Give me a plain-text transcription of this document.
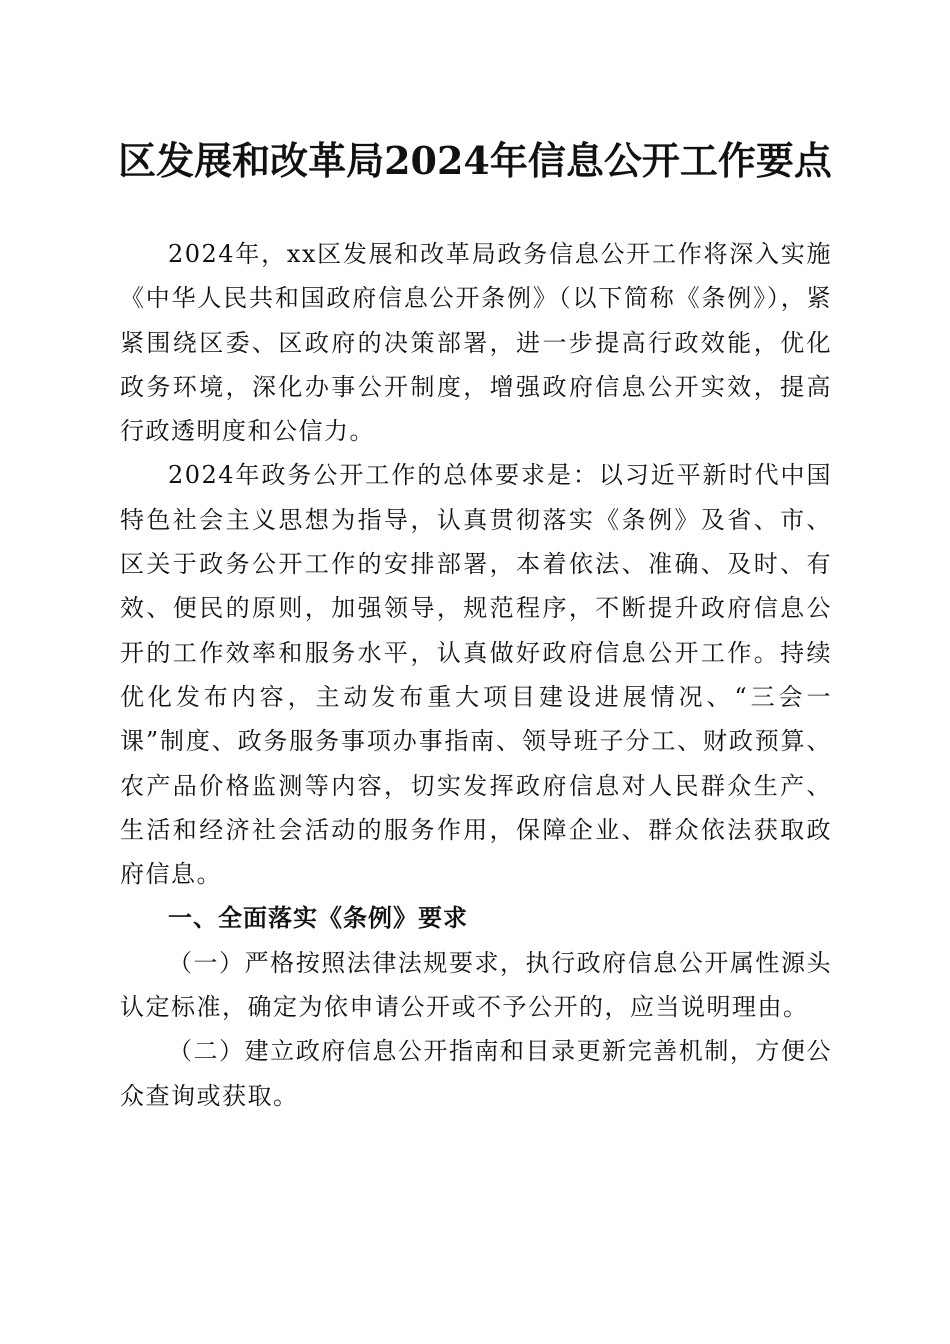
区发展和改革局2024年信息公开工作要点

2024年，xx区发展和改革局政务信息公开工作将深入实施《中华人民共和国政府信息公开条例》（以下简称《条例》），紧紧围绕区委、区政府的决策部署，进一步提高行政效能，优化政务环境，深化办事公开制度，增强政府信息公开实效，提高行政透明度和公信力。

2024年政务公开工作的总体要求是：以习近平新时代中国特色社会主义思想为指导，认真贯彻落实《条例》及省、市、区关于政务公开工作的安排部署，本着依法、准确、及时、有效、便民的原则，加强领导，规范程序，不断提升政府信息公开的工作效率和服务水平，认真做好政府信息公开工作。持续优化发布内容，主动发布重大项目建设进展情况、“三会一课”制度、政务服务事项办事指南、领导班子分工、财政预算、农产品价格监测等内容，切实发挥政府信息对人民群众生产、生活和经济社会活动的服务作用，保障企业、群众依法获取政府信息。

一、全面落实《条例》要求

（一）严格按照法律法规要求，执行政府信息公开属性源头认定标准，确定为依申请公开或不予公开的，应当说明理由。

（二）建立政府信息公开指南和目录更新完善机制，方便公众查询或获取。
